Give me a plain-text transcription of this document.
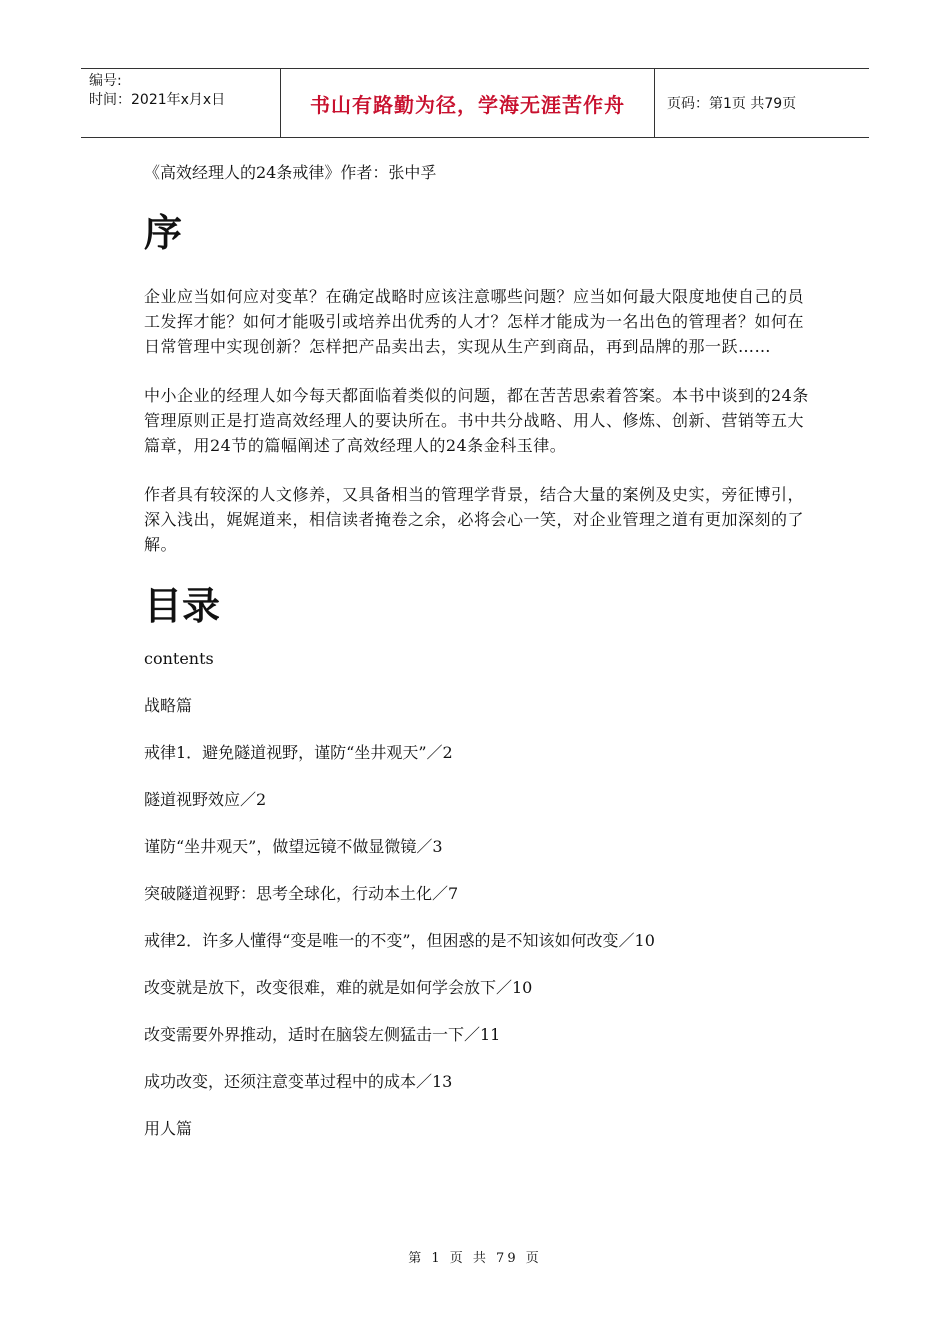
编号:
时间：2021年x月x日	书山有路勤为径，学海无涯苦作舟	页码：第1页 共79页

《高效经理人的24条戒律》作者：张中孚

序

企业应当如何应对变革？在确定战略时应该注意哪些问题？应当如何最大限度地使自己的员工发挥才能？如何才能吸引或培养出优秀的人才？怎样才能成为一名出色的管理者？如何在日常管理中实现创新？怎样把产品卖出去，实现从生产到商品，再到品牌的那一跃……

中小企业的经理人如今每天都面临着类似的问题，都在苦苦思索着答案。本书中谈到的24条管理原则正是打造高效经理人的要诀所在。书中共分战略、用人、修炼、创新、营销等五大篇章，用24节的篇幅阐述了高效经理人的24条金科玉律。

作者具有较深的人文修养，又具备相当的管理学背景，结合大量的案例及史实，旁征博引，深入浅出，娓娓道来，相信读者掩卷之余，必将会心一笑，对企业管理之道有更加深刻的了解。

目录

contents

战略篇

戒律1．避免隧道视野，谨防“坐井观天”／2

隧道视野效应／2

谨防“坐井观天”，做望远镜不做显微镜／3

突破隧道视野：思考全球化，行动本土化／7

戒律2．许多人懂得“变是唯一的不变”，但困惑的是不知该如何改变／10

改变就是放下，改变很难，难的就是如何学会放下／10

改变需要外界推动，适时在脑袋左侧猛击一下／11

成功改变，还须注意变革过程中的成本／13

用人篇

第 1 页 共 79 页
